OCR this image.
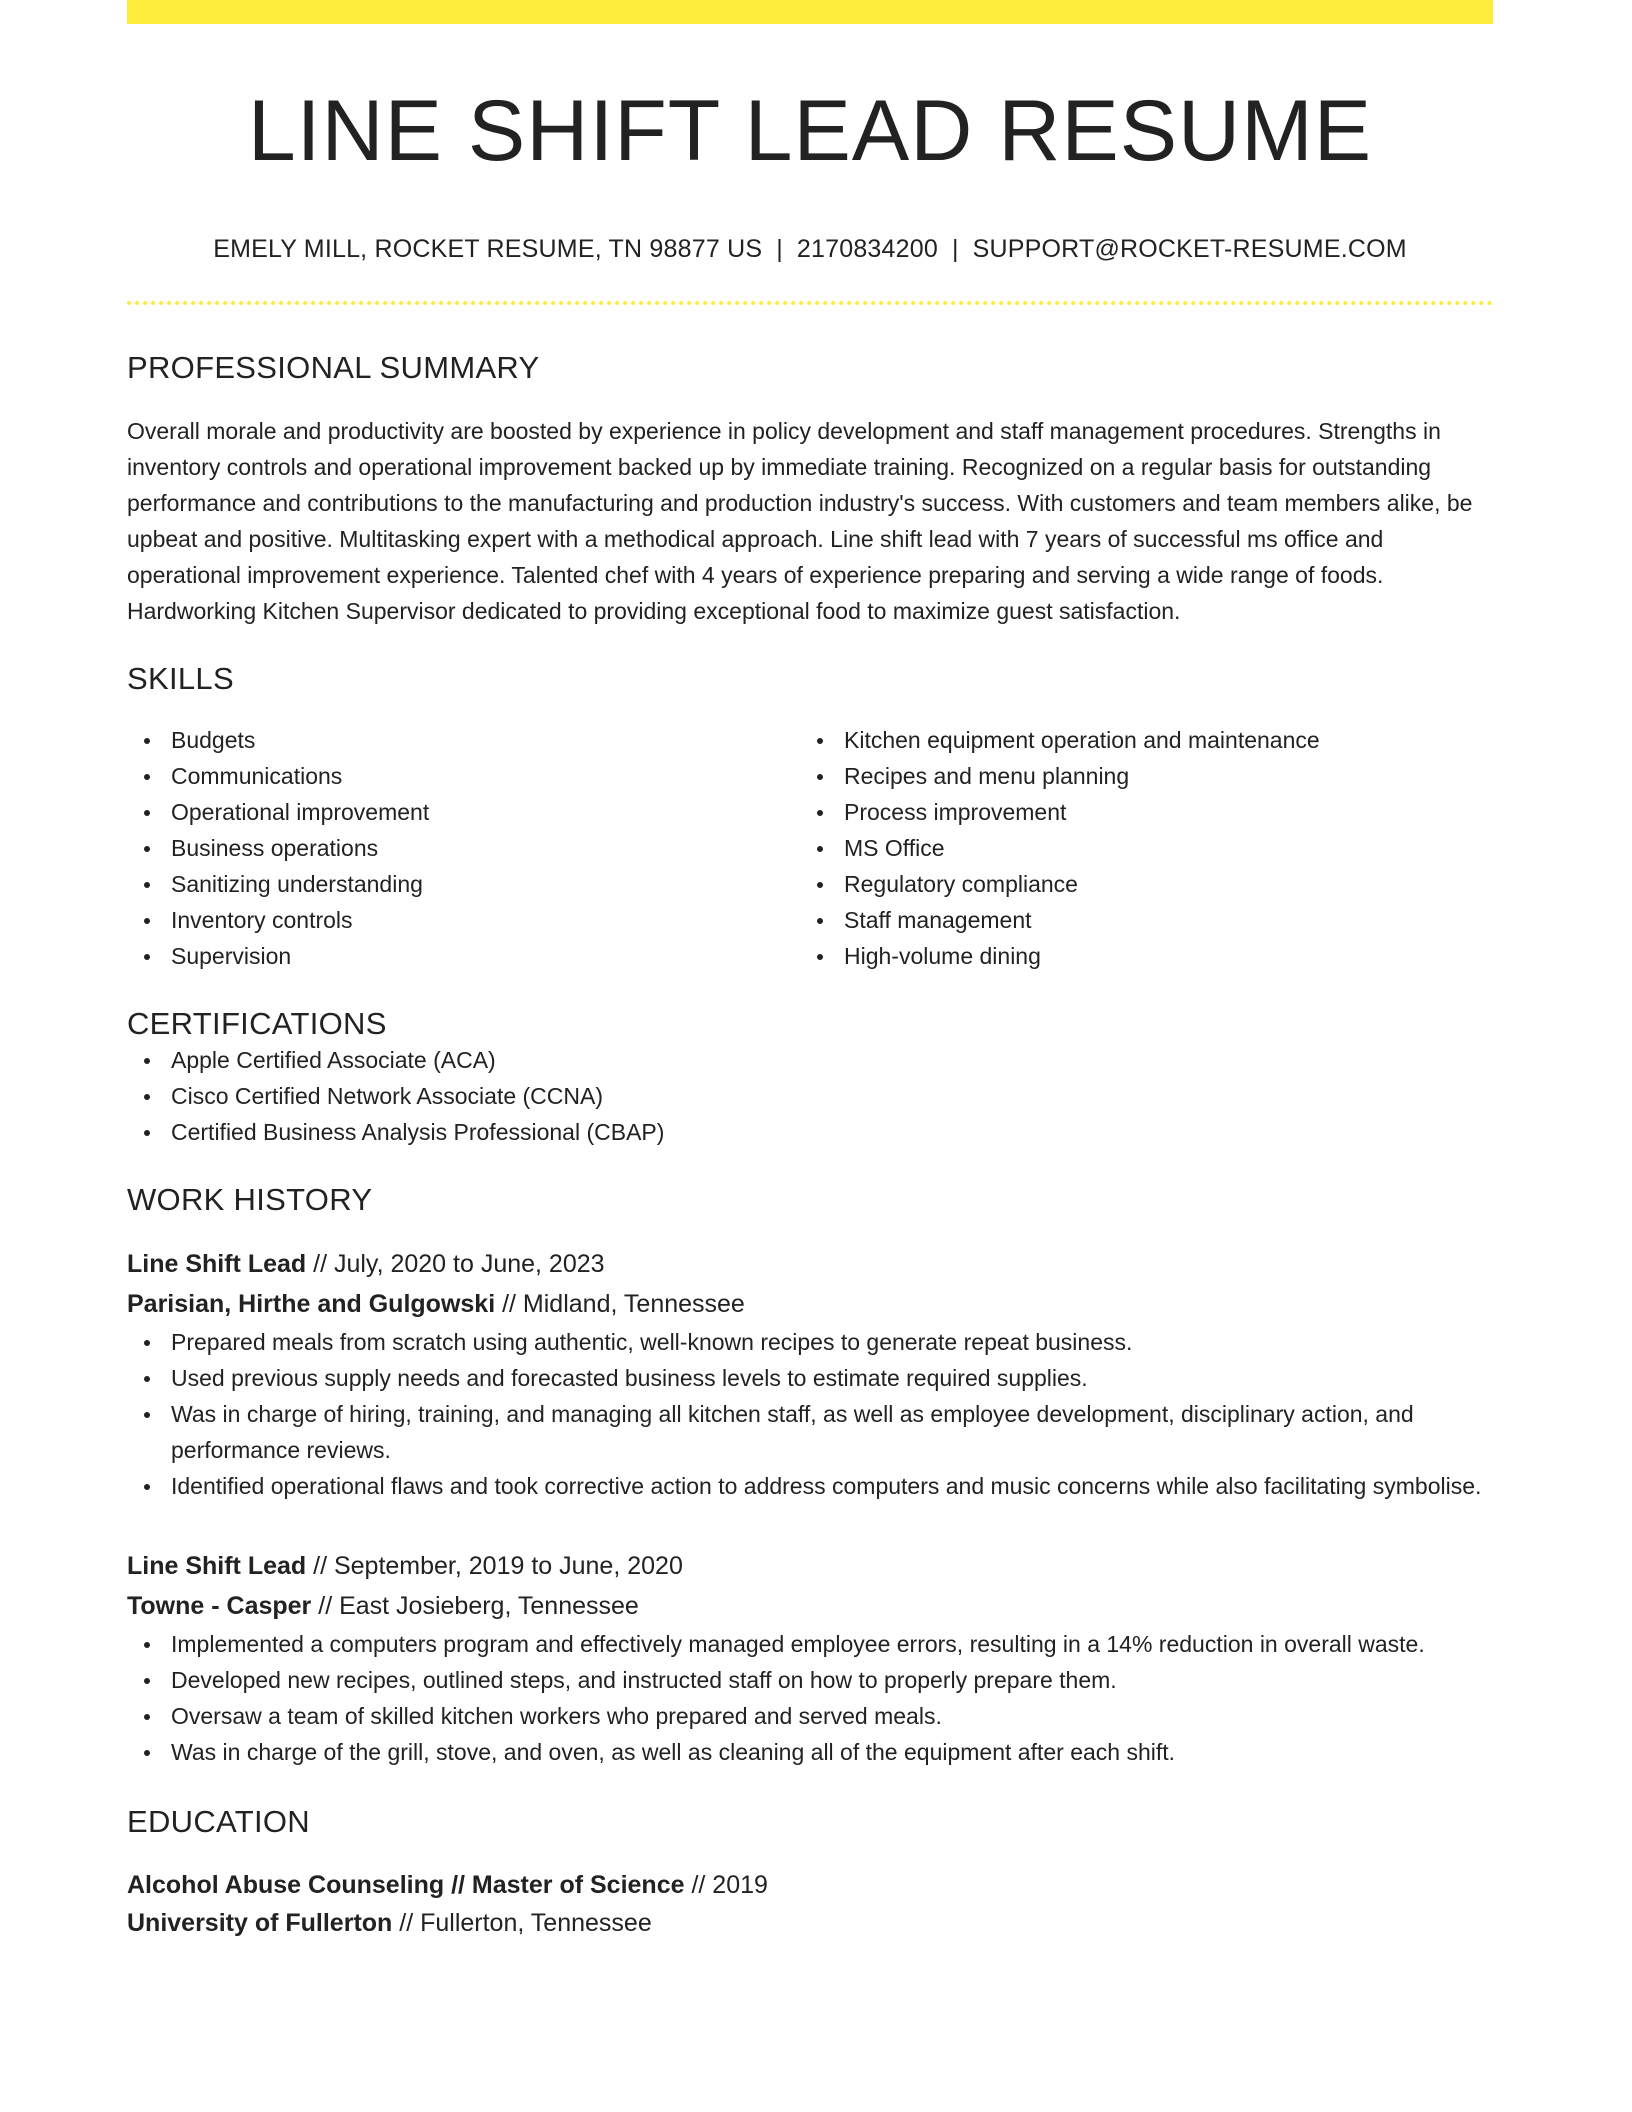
LINE SHIFT LEAD RESUME
EMELY MILL, ROCKET RESUME, TN 98877 US | 2170834200 | SUPPORT@ROCKET-RESUME.COM
PROFESSIONAL SUMMARY

Overall morale and productivity are boosted by experience in policy development and staff management procedures. Strengths in inventory controls and operational improvement backed up by immediate training. Recognized on a regular basis for outstanding performance and contributions to the manufacturing and production industry's success. With customers and team members alike, be upbeat and positive. Multitasking expert with a methodical approach. Line shift lead with 7 years of successful ms office and operational improvement experience. Talented chef with 4 years of experience preparing and serving a wide range of foods. Hardworking Kitchen Supervisor dedicated to providing exceptional food to maximize guest satisfaction.

SKILLS
Budgets
Communications
Operational improvement
Business operations
Sanitizing understanding
Inventory controls
Supervision
Kitchen equipment operation and maintenance
Recipes and menu planning
Process improvement
MS Office
Regulatory compliance
Staff management
High-volume dining
CERTIFICATIONS
Apple Certified Associate (ACA)
Cisco Certified Network Associate (CCNA)
Certified Business Analysis Professional (CBAP)
WORK HISTORY
Line Shift Lead // July, 2020 to June, 2023
Parisian, Hirthe and Gulgowski // Midland, Tennessee
Prepared meals from scratch using authentic, well-known recipes to generate repeat business.
Used previous supply needs and forecasted business levels to estimate required supplies.
Was in charge of hiring, training, and managing all kitchen staff, as well as employee development, disciplinary action, and performance reviews.
Identified operational flaws and took corrective action to address computers and music concerns while also facilitating symbolise.
Line Shift Lead // September, 2019 to June, 2020
Towne - Casper // East Josieberg, Tennessee
Implemented a computers program and effectively managed employee errors, resulting in a 14% reduction in overall waste.
Developed new recipes, outlined steps, and instructed staff on how to properly prepare them.
Oversaw a team of skilled kitchen workers who prepared and served meals.
Was in charge of the grill, stove, and oven, as well as cleaning all of the equipment after each shift.
EDUCATION
Alcohol Abuse Counseling // Master of Science // 2019
University of Fullerton // Fullerton, Tennessee
